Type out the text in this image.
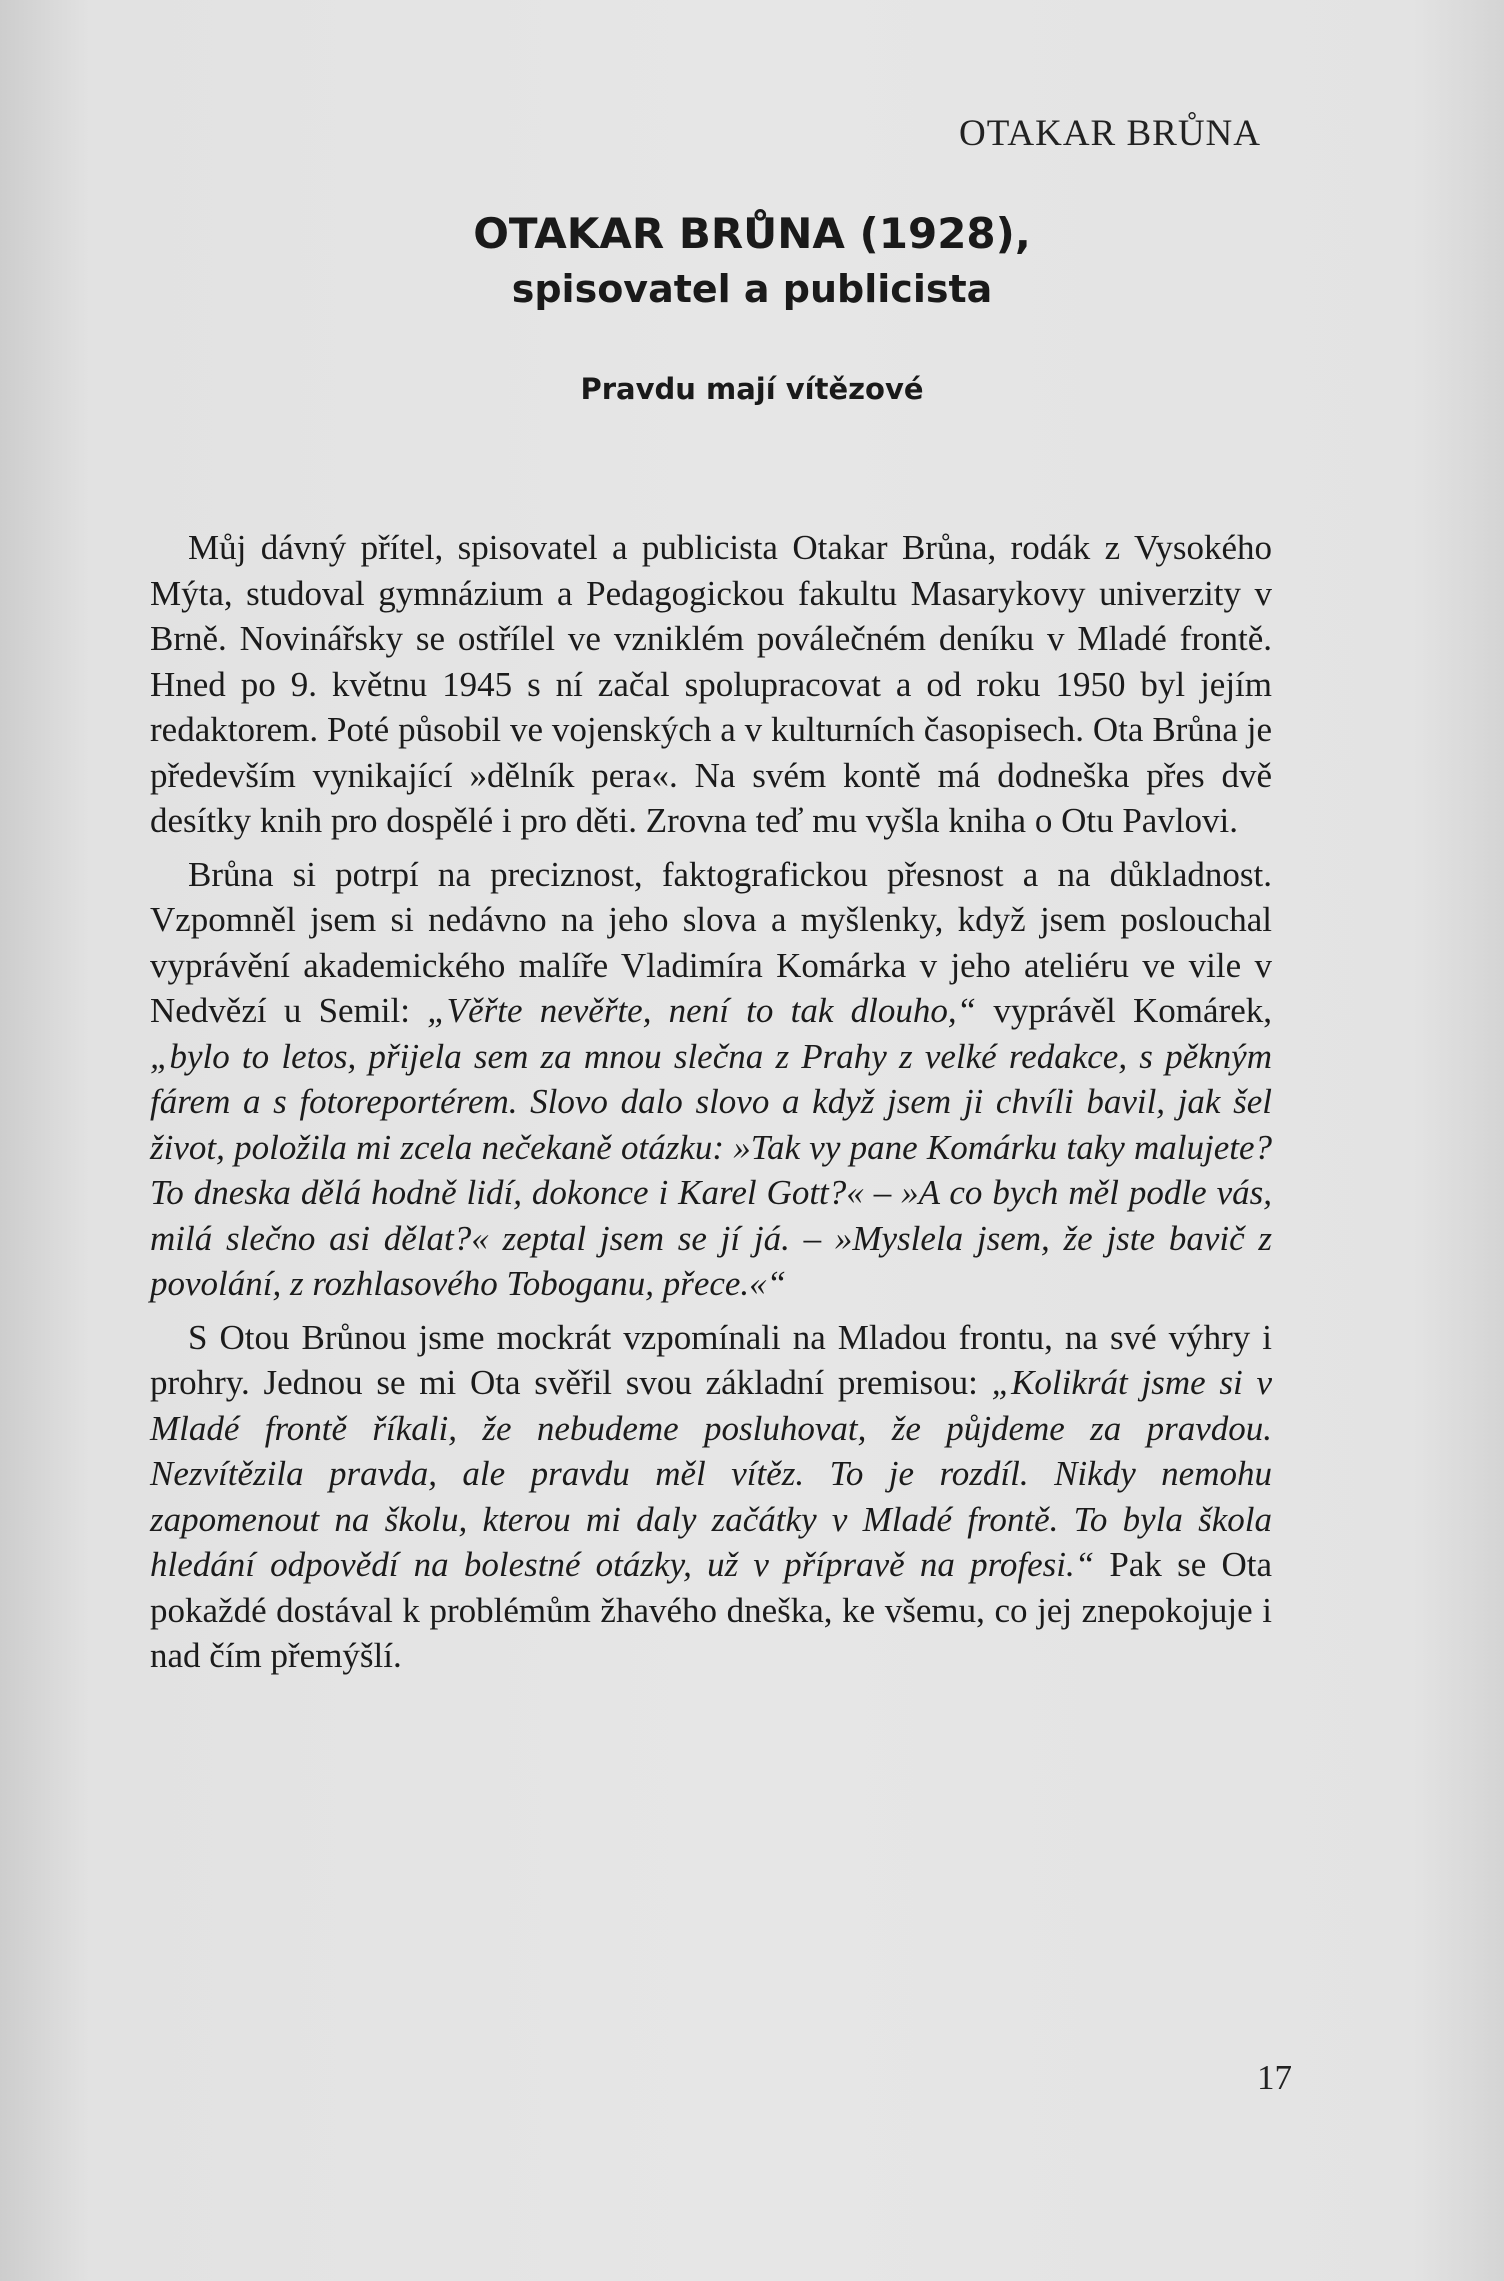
OTAKAR BRŮNA

OTAKAR BRŮNA (1928),
spisovatel a publicista
Pravdu mají vítězové

Můj dávný přítel, spisovatel a publicista Otakar Brůna, rodák z Vysokého Mýta, studoval gymnázium a Pedagogickou fakultu Masarykovy univerzity v Brně. Novinářsky se ostřílel ve vzniklém poválečném deníku v Mladé frontě. Hned po 9. květnu 1945 s ní začal spolupracovat a od roku 1950 byl jejím redaktorem. Poté působil ve vojenských a v kulturních časopisech. Ota Brůna je především vynikající »dělník pera«. Na svém kontě má dodneška přes dvě desítky knih pro dospělé i pro děti. Zrovna teď mu vyšla kniha o Otu Pavlovi.

Brůna si potrpí na preciznost, faktografickou přesnost a na důkladnost. Vzpomněl jsem si nedávno na jeho slova a myšlenky, když jsem poslouchal vyprávění akademického malíře Vladimíra Komárka v jeho ateliéru ve vile v Nedvězí u Semil: „Věřte nevěřte, není to tak dlouho,“ vyprávěl Komárek, „bylo to letos, přijela sem za mnou slečna z Prahy z velké redakce, s pěkným fárem a s fotoreportérem. Slovo dalo slovo a když jsem ji chvíli bavil, jak šel život, položila mi zcela nečekaně otázku: »Tak vy pane Komárku taky malujete? To dneska dělá hodně lidí, dokonce i Karel Gott?« – »A co bych měl podle vás, milá slečno asi dělat?« zeptal jsem se jí já. – »Myslela jsem, že jste bavič z povolání, z rozhlasového Tobоganu, přece.«“

S Otou Brůnou jsme mockrát vzpomínali na Mladou frontu, na své výhry i prohry. Jednou se mi Ota svěřil svou základní premisou: „Kolikrát jsme si v Mladé frontě říkali, že nebudeme posluhovat, že půjdeme za pravdou. Nezvítězila pravda, ale pravdu měl vítěz. To je rozdíl. Nikdy nemohu zapomenout na školu, kterou mi daly začátky v Mladé frontě. To byla škola hledání odpovědí na bolestné otázky, už v přípravě na profesi.“ Pak se Ota pokaždé dostával k problémům žhavého dneška, ke všemu, co jej znepokojuje i nad čím přemýšlí.

17
